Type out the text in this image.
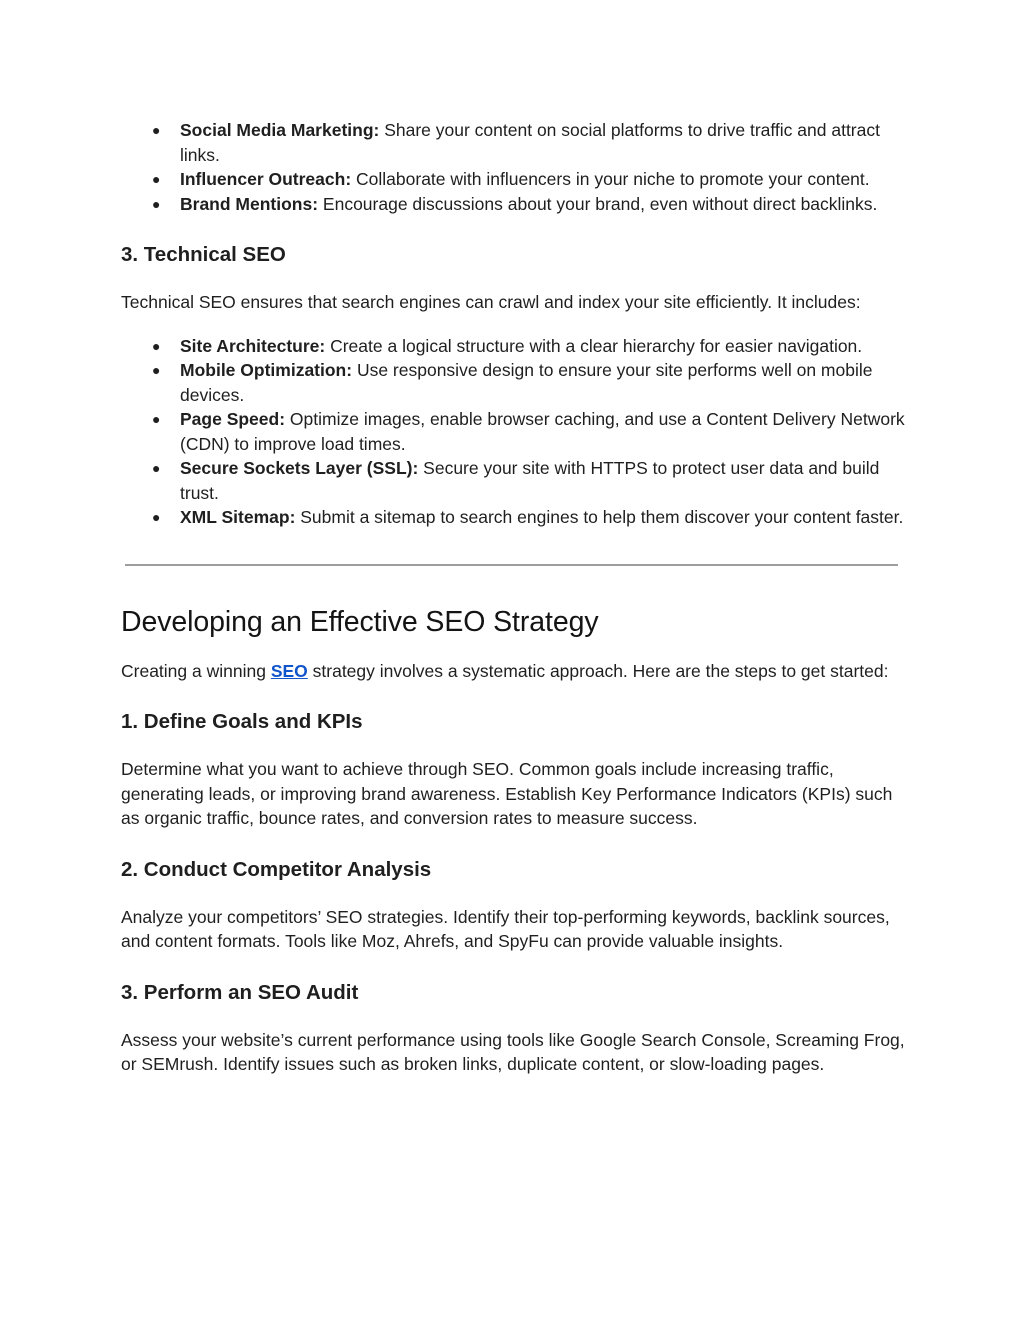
● Social Media Marketing: Share your content on social platforms to drive traffic and attract links.
● Influencer Outreach: Collaborate with influencers in your niche to promote your content.
● Brand Mentions: Encourage discussions about your brand, even without direct backlinks.
3. Technical SEO

Technical SEO ensures that search engines can crawl and index your site efficiently. It includes:

● Site Architecture: Create a logical structure with a clear hierarchy for easier navigation.
● Mobile Optimization: Use responsive design to ensure your site performs well on mobile devices.
● Page Speed: Optimize images, enable browser caching, and use a Content Delivery Network (CDN) to improve load times.
● Secure Sockets Layer (SSL): Secure your site with HTTPS to protect user data and build trust.
● XML Sitemap: Submit a sitemap to search engines to help them discover your content faster.
Developing an Effective SEO Strategy

Creating a winning SEO strategy involves a systematic approach. Here are the steps to get started:

1. Define Goals and KPIs

Determine what you want to achieve through SEO. Common goals include increasing traffic, generating leads, or improving brand awareness. Establish Key Performance Indicators (KPIs) such as organic traffic, bounce rates, and conversion rates to measure success.

2. Conduct Competitor Analysis

Analyze your competitors’ SEO strategies. Identify their top-performing keywords, backlink sources, and content formats. Tools like Moz, Ahrefs, and SpyFu can provide valuable insights.

3. Perform an SEO Audit

Assess your website’s current performance using tools like Google Search Console, Screaming Frog, or SEMrush. Identify issues such as broken links, duplicate content, or slow-loading pages.
